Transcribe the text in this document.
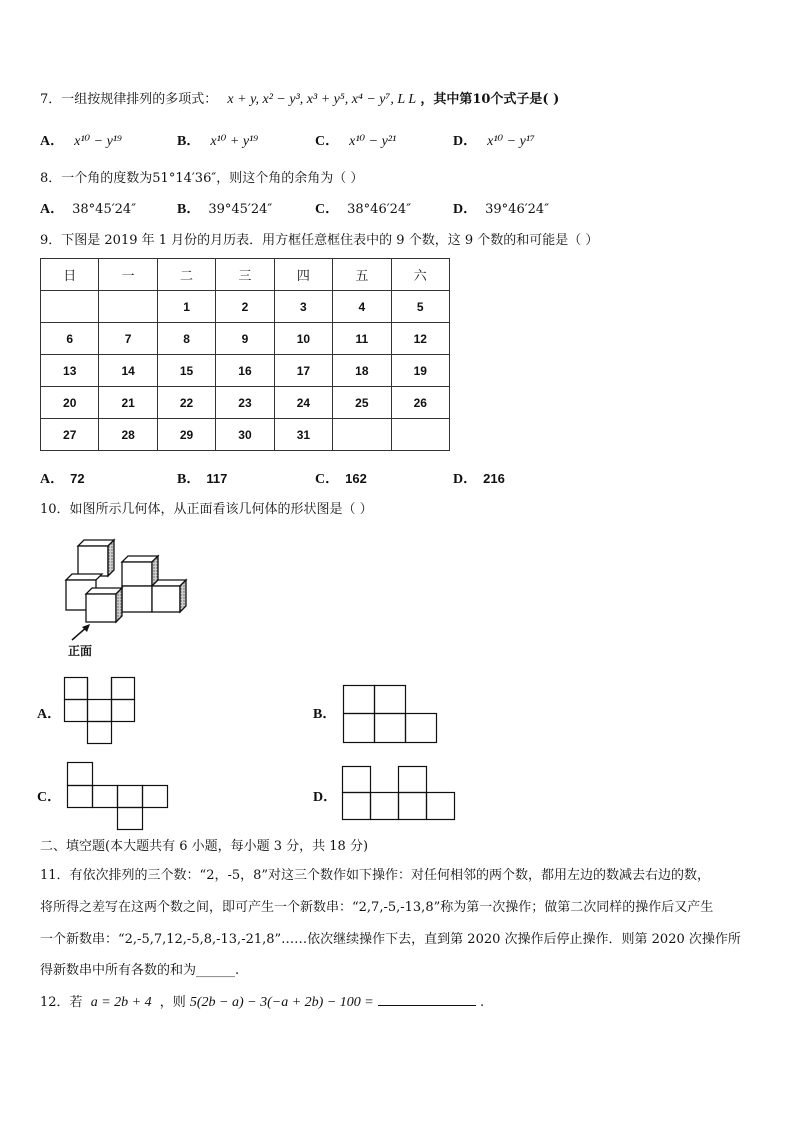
7．一组按规律排列的多项式： x + y, x² − y³, x³ + y⁵, x⁴ − y⁷, L L ，其中第10个式子是( )
A． x¹⁰ − y¹⁹	B． x¹⁰ + y¹⁹	C． x¹⁰ − y²¹	D． x¹⁰ − y¹⁷
8．一个角的度数为51°14′36″，则这个角的余角为（ ）
A． 38°45′24″	B． 39°45′24″	C． 38°46′24″	D． 39°46′24″
9．下图是 2019 年 1 月份的月历表．用方框任意框住表中的 9 个数，这 9 个数的和可能是（ ）
日	一	二	三	四	五	六
		1	2	3	4	5
6	7	8	9	10	11	12
13	14	15	16	17	18	19
20	21	22	23	24	25	26
27	28	29	30	31		
A． 72	B． 117	C． 162	D． 216
10．如图所示几何体，从正面看该几何体的形状图是（ ）
正面
A．	B．
C．	D．
二、填空题(本大题共有 6 小题，每小题 3 分，共 18 分)
11．有依次排列的三个数：“2，-5，8”对这三个数作如下操作：对任何相邻的两个数，都用左边的数减去右边的数，
将所得之差写在这两个数之间，即可产生一个新数串：“2,7,-5,-13,8”称为第一次操作；做第二次同样的操作后又产生
一个新数串：“2,-5,7,12,-5,8,-13,-21,8”……依次继续操作下去，直到第 2020 次操作后停止操作．则第 2020 次操作所
得新数串中所有各数的和为______.
12．若 a = 2b + 4 ，则 5(2b − a) − 3(−a + 2b) − 100 =	.
